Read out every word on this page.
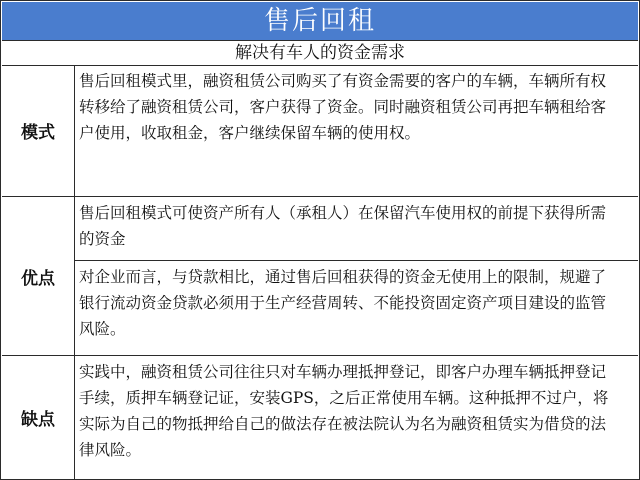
售后回租
解决有车人的资金需求
模式
售后回租模式里，融资租赁公司购买了有资金需要的客户的车辆，车辆所有权转移给了融资租赁公司，客户获得了资金。同时融资租赁公司再把车辆租给客户使用，收取租金，客户继续保留车辆的使用权。
优点
售后回租模式可使资产所有人（承租人）在保留汽车使用权的前提下获得所需的资金
对企业而言，与贷款相比，通过售后回租获得的资金无使用上的限制，规避了银行流动资金贷款必须用于生产经营周转、不能投资固定资产项目建设的监管风险。
缺点
实践中，融资租赁公司往往只对车辆办理抵押登记，即客户办理车辆抵押登记手续，质押车辆登记证，安装GPS，之后正常使用车辆。这种抵押不过户，将实际为自己的物抵押给自己的做法存在被法院认为名为融资租赁实为借贷的法律风险。
